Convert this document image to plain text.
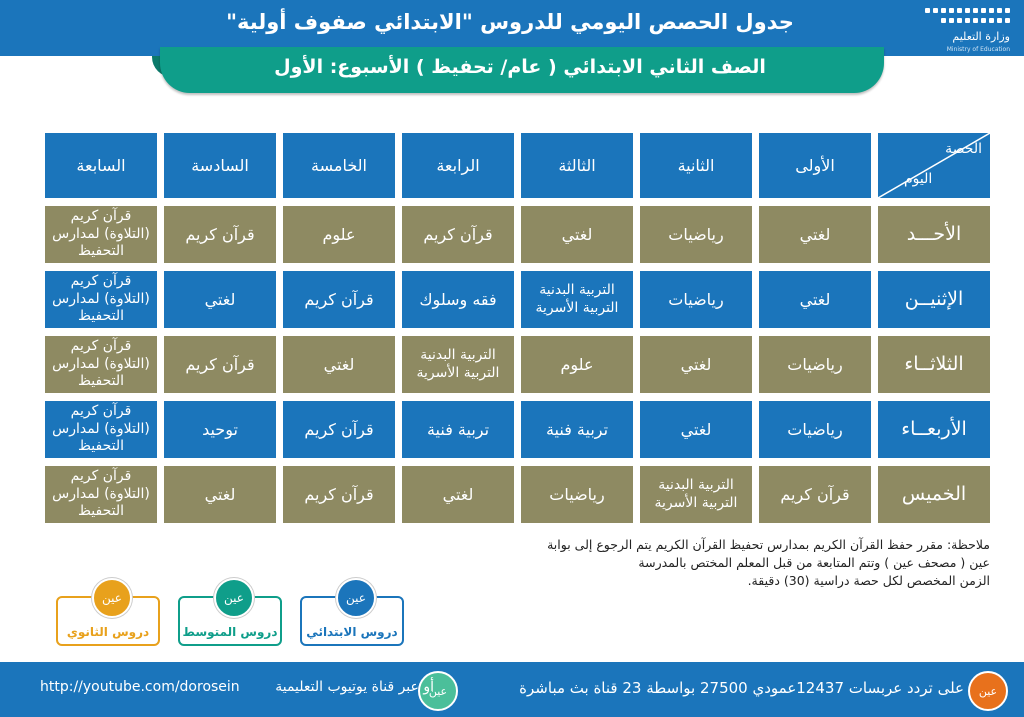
جدول الحصص اليومي للدروس "الابتدائي صفوف أولية"
وزارة التعليم
Ministry of Education
الصف الثاني الابتدائي ( عام/ تحفيظ ) الأسبوع: الأول
الحصة
اليوم
الأولى
الثانية
الثالثة
الرابعة
الخامسة
السادسة
السابعة
الأحـــد
لغتي
رياضيات
لغتي
قرآن كريم
علوم
قرآن كريم
قرآن كريم (التلاوة) لمدارس التحفيظ
الإثنيــن
لغتي
رياضيات
التربية البدنية التربية الأسرية
فقه وسلوك
قرآن كريم
لغتي
قرآن كريم (التلاوة) لمدارس التحفيظ
الثلاثــاء
رياضيات
لغتي
علوم
التربية البدنية التربية الأسرية
لغتي
قرآن كريم
قرآن كريم (التلاوة) لمدارس التحفيظ
الأربعــاء
رياضيات
لغتي
تربية فنية
تربية فنية
قرآن كريم
توحيد
قرآن كريم (التلاوة) لمدارس التحفيظ
الخميس
قرآن كريم
التربية البدنية التربية الأسرية
رياضيات
لغتي
قرآن كريم
لغتي
قرآن كريم (التلاوة) لمدارس التحفيظ
ملاحظة: مقرر حفظ القرآن الكريم بمدارس تحفيظ القرآن الكريم يتم الرجوع إلى بوابة
عين ( مصحف عين ) وتتم المتابعة من قبل المعلم المختص بالمدرسة
الزمن المخصص لكل حصة دراسية (30) دقيقة.
عين
دروس الابتدائي
عين
دروس المتوسط
عين
دروس الثانوي
عين
على تردد عربسات 12437عمودي 27500 بواسطة 23 قناة بث مباشرة
عين
أو عبر قناة يوتيوب التعليمية
http://youtube.com/dorosein
